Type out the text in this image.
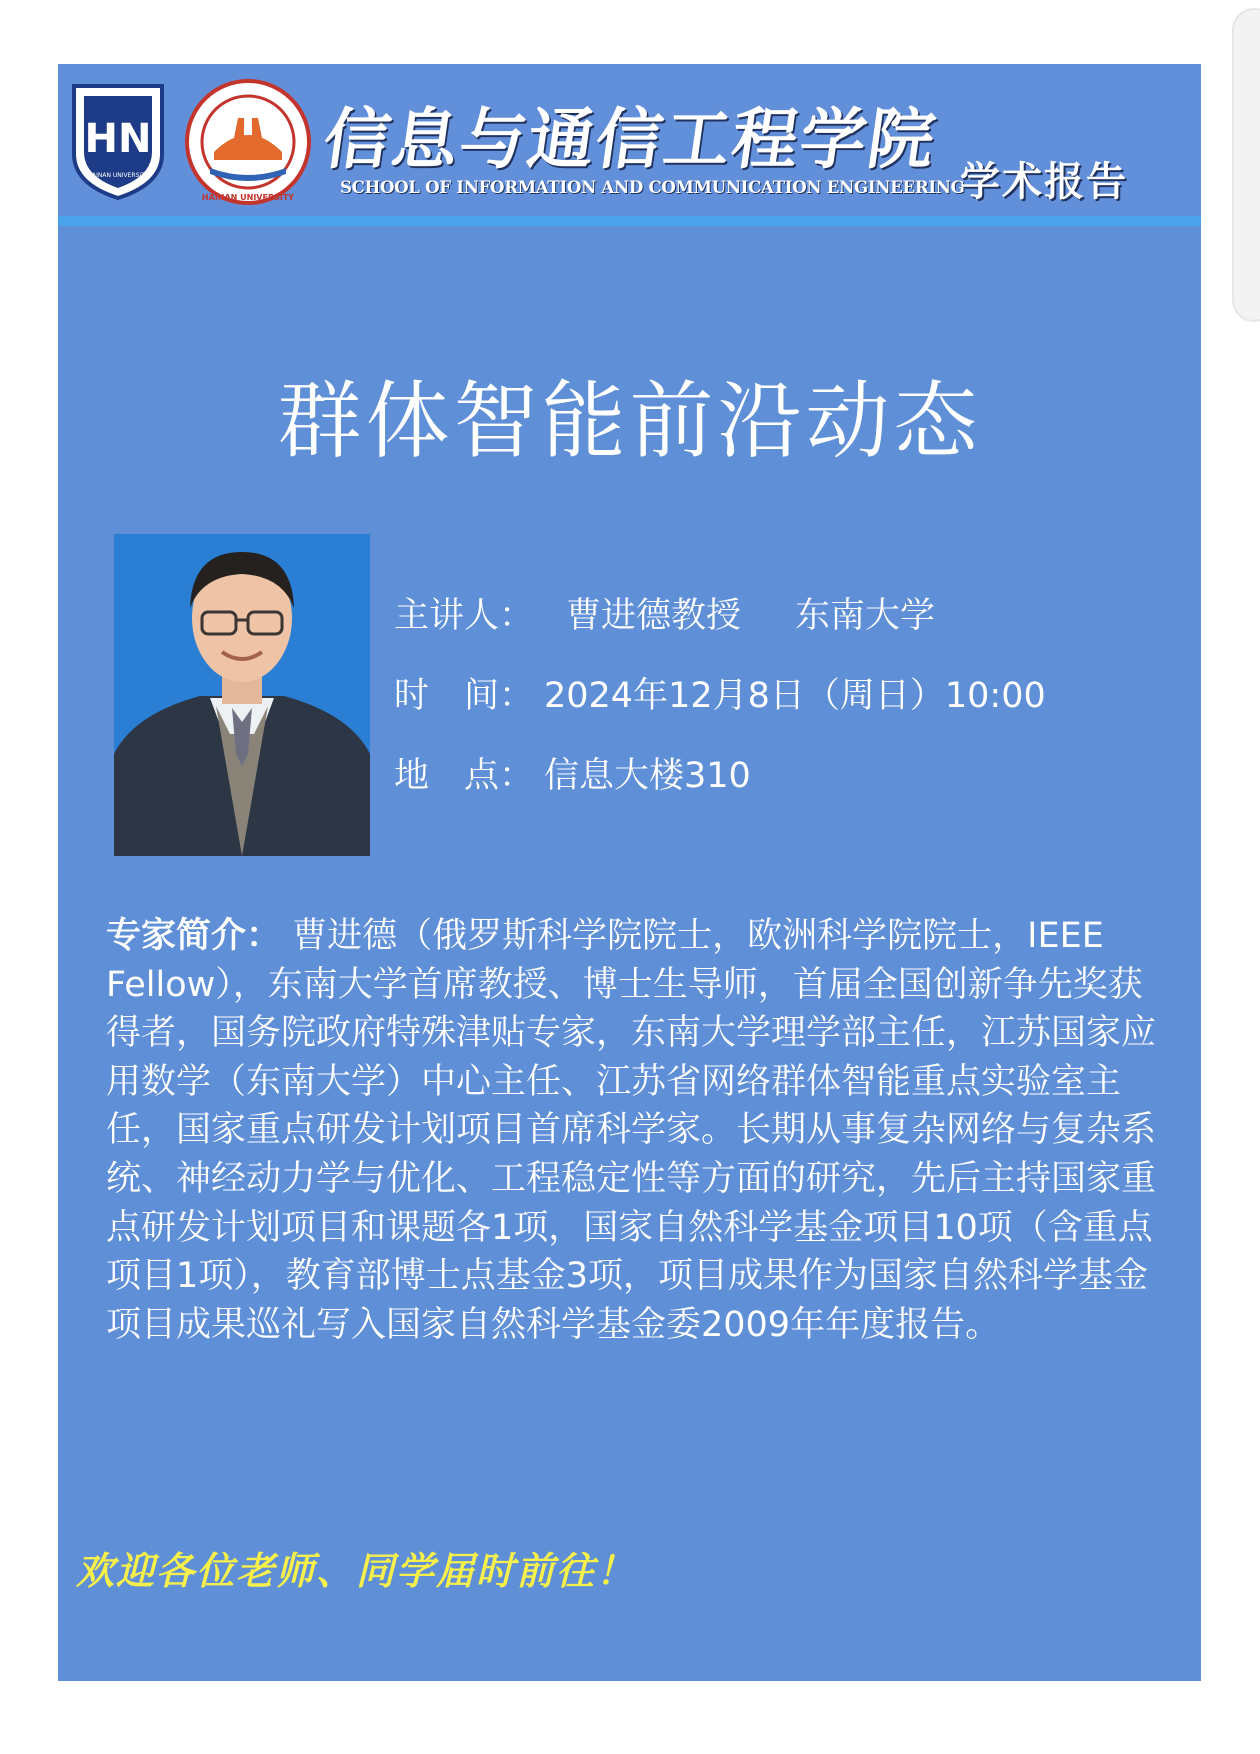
HN
HAINAN UNIVERSITY
HAINAN UNIVERSITY
信息与通信工程学院
SCHOOL OF INFORMATION AND COMMUNICATION ENGINEERING
学术报告
群体智能前沿动态
主讲人： 曹进德教授 东南大学
时　间： 2024年12月8日（周日）10:00
地　点： 信息大楼310
专家简介： 曹进德（俄罗斯科学院院士，欧洲科学院院士，IEEE Fellow），东南大学首席教授、博士生导师，首届全国创新争先奖获得者，国务院政府特殊津贴专家，东南大学理学部主任，江苏国家应用数学（东南大学）中心主任、江苏省网络群体智能重点实验室主任，国家重点研发计划项目首席科学家。长期从事复杂网络与复杂系统、神经动力学与优化、工程稳定性等方面的研究，先后主持国家重点研发计划项目和课题各1项，国家自然科学基金项目10项（含重点项目1项），教育部博士点基金3项，项目成果作为国家自然科学基金项目成果巡礼写入国家自然科学基金委2009年年度报告。
欢迎各位老师、同学届时前往！
